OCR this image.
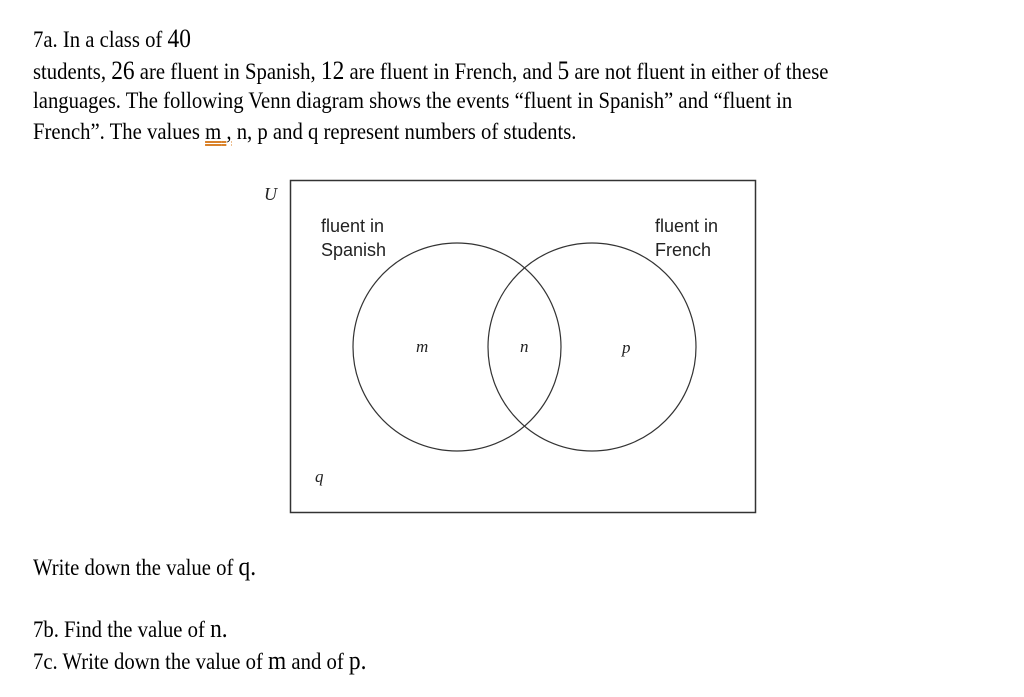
7a. In a class of 40
students, 26 are fluent in Spanish, 12 are fluent in French, and 5 are not fluent in either of these
languages. The following Venn diagram shows the events “fluent in Spanish” and “fluent in
French”. The values m , n, p and q represent numbers of students.
U
fluent in
Spanish
fluent in
French
m	n	p
q
Write down the value of q.
7b. Find the value of n.
7c. Write down the value of m and of p.
